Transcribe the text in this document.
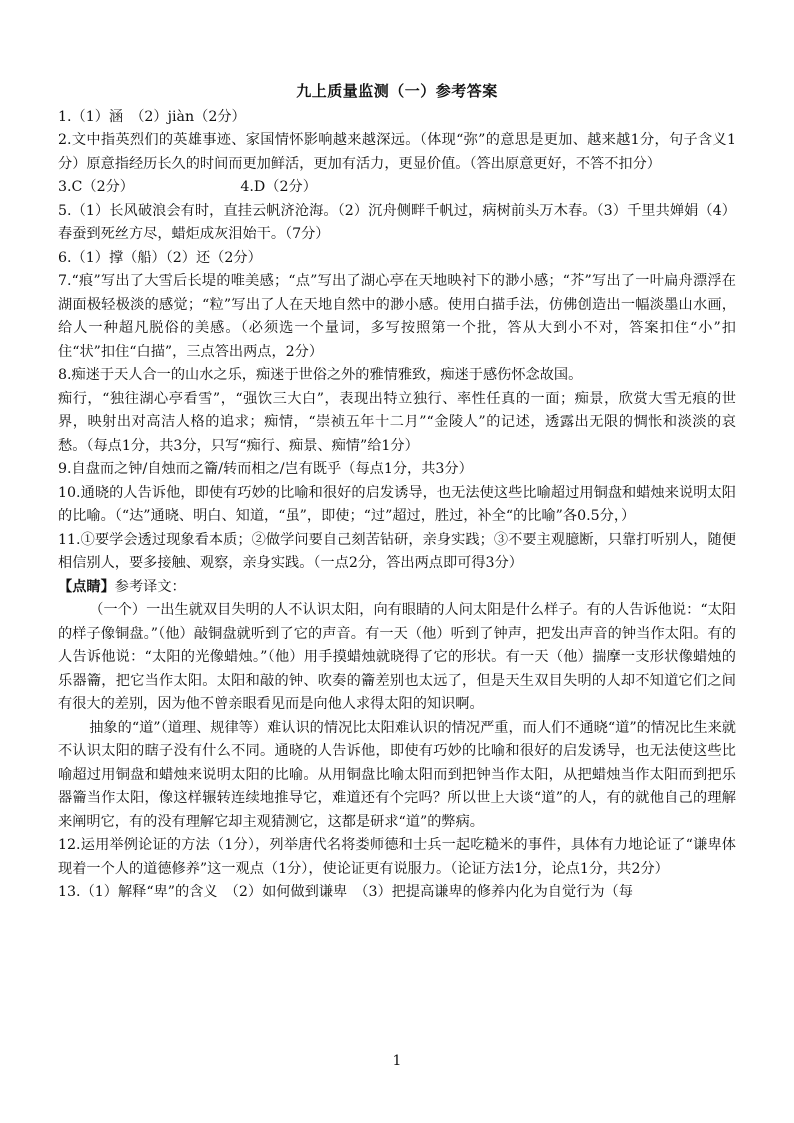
九上质量监测（一）参考答案

1.（1）涵　（2）jiàn（2分）

2.文中指英烈们的英雄事迹、家国情怀影响越来越深远。（体现“弥”的意思是更加、越来越1分，句子含义1分）原意指经历长久的时间而更加鲜活，更加有活力，更显价值。（答出原意更好，不答不扣分）

3.C（2分）　　　　　　　　4.D（2分）

5.（1）长风破浪会有时，直挂云帆济沧海。（2）沉舟侧畔千帆过，病树前头万木春。（3）千里共婵娟（4）春蚕到死丝方尽，蜡炬成灰泪始干。（7分）

6.（1）撑（船）（2）还（2分）

7.“痕”写出了大雪后长堤的唯美感；“点”写出了湖心亭在天地映衬下的渺小感；“芥”写出了一叶扁舟漂浮在湖面极轻极淡的感觉；“粒”写出了人在天地自然中的渺小感。使用白描手法，仿佛创造出一幅淡墨山水画，给人一种超凡脱俗的美感。（必须选一个量词，多写按照第一个批，答从大到小不对，答案扣住“小”扣住“状”扣住“白描”，三点答出两点，2分）

8.痴迷于天人合一的山水之乐，痴迷于世俗之外的雅情雅致，痴迷于感伤怀念故国。

痴行，“独往湖心亭看雪”，“强饮三大白”，表现出特立独行、率性任真的一面；痴景，欣赏大雪无痕的世界，映射出对高洁人格的追求；痴情，“崇祯五年十二月”“金陵人”的记述，透露出无限的惆怅和淡淡的哀愁。（每点1分，共3分，只写“痴行、痴景、痴情”给1分）

9.自盘而之钟/自烛而之籥/转而相之/岂有既乎（每点1分，共3分）

10.通晓的人告诉他，即使有巧妙的比喻和很好的启发诱导，也无法使这些比喻超过用铜盘和蜡烛来说明太阳的比喻。（“达”通晓、明白、知道，“虽”，即使；“过”超过，胜过，补全“的比喻”各0.5分，）

11.①要学会透过现象看本质；②做学问要自己刻苦钻研，亲身实践；③不要主观臆断，只靠打听别人，随便相信别人，要多接触、观察，亲身实践。（一点2分，答出两点即可得3分）

【点睛】参考译文：

（一个）一出生就双目失明的人不认识太阳，向有眼睛的人问太阳是什么样子。有的人告诉他说：“太阳的样子像铜盘。”（他）敲铜盘就听到了它的声音。有一天（他）听到了钟声，把发出声音的钟当作太阳。有的人告诉他说：“太阳的光像蜡烛。”（他）用手摸蜡烛就晓得了它的形状。有一天（他）揣摩一支形状像蜡烛的乐器籥，把它当作太阳。太阳和敲的钟、吹奏的籥差别也太远了，但是天生双目失明的人却不知道它们之间有很大的差别，因为他不曾亲眼看见而是向他人求得太阳的知识啊。

抽象的“道”（道理、规律等）难认识的情况比太阳难认识的情况严重，而人们不通晓“道”的情况比生来就不认识太阳的瞎子没有什么不同。通晓的人告诉他，即使有巧妙的比喻和很好的启发诱导，也无法使这些比喻超过用铜盘和蜡烛来说明太阳的比喻。从用铜盘比喻太阳而到把钟当作太阳，从把蜡烛当作太阳而到把乐器籥当作太阳，像这样辗转连续地推导它，难道还有个完吗？所以世上大谈“道”的人，有的就他自己的理解来阐明它，有的没有理解它却主观猜测它，这都是研求“道”的弊病。

12.运用举例论证的方法（1分），列举唐代名将娄师德和士兵一起吃糙米的事件，具体有力地论证了“谦卑体现着一个人的道德修养”这一观点（1分），使论证更有说服力。（论证方法1分，论点1分，共2分）

13.（1）解释“卑”的含义　（2）如何做到谦卑　（3）把提高谦卑的修养内化为自觉行为（每

1
